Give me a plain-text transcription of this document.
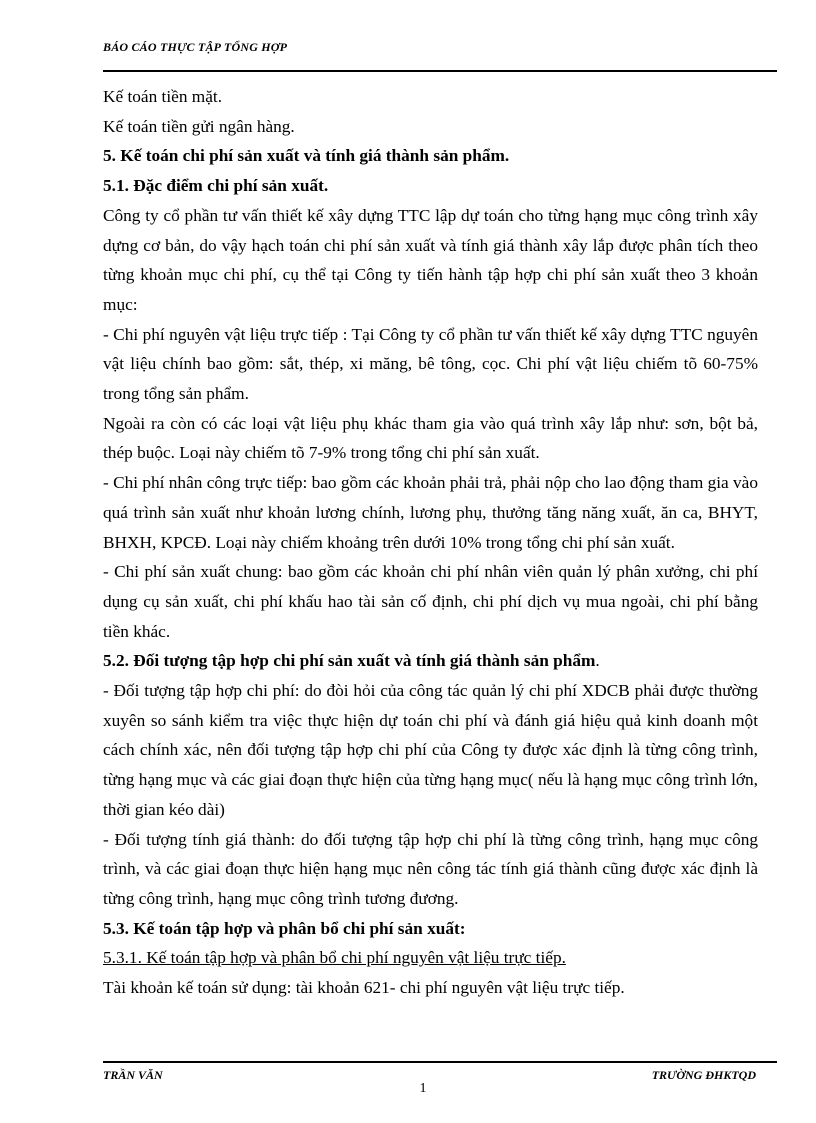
BÁO CÁO THỰC TẬP TỔNG HỢP

Kế toán tiền mặt.

Kế toán tiền gửi ngân hàng.

5. Kế toán chi phí sản xuất và tính giá thành sản phẩm.

5.1. Đặc điểm chi phí sản xuất.

Công ty cổ phần tư vấn thiết kế xây dựng TTC lập dự toán cho từng hạng mục công trình xây dựng cơ bản, do vậy hạch toán chi phí sản xuất và tính giá thành xây lắp được phân tích theo từng khoản mục chi phí, cụ thể tại Công ty tiến hành tập hợp chi phí sản xuất theo 3 khoản mục:

- Chi phí nguyên vật liệu trực tiếp : Tại Công ty cổ phần tư vấn thiết kế xây dựng TTC nguyên vật liệu chính bao gồm: sắt, thép, xi măng, bê tông, cọc. Chi phí vật liệu chiếm tõ 60-75% trong tổng sản phẩm.

Ngoài ra còn có các loại vật liệu phụ khác tham gia vào quá trình xây lắp như: sơn, bột bả, thép buộc. Loại này chiếm tõ 7-9% trong tổng chi phí sản xuất.

- Chi phí nhân công trực tiếp: bao gồm các khoản phải trả, phải nộp cho lao động tham gia vào quá trình sản xuất như khoản lương chính, lương phụ, thưởng tăng năng xuất, ăn ca, BHYT, BHXH, KPCĐ. Loại này chiếm khoảng trên dưới 10% trong tổng chi phí sản xuất.

- Chi phí sản xuất chung: bao gồm các khoản chi phí nhân viên quản lý phân xưởng, chi phí dụng cụ sản xuất, chi phí khấu hao tài sản cố định, chi phí dịch vụ mua ngoài, chi phí bằng tiền khác.

5.2. Đối tượng tập hợp chi phí sản xuất và tính giá thành sản phẩm.

- Đối tượng tập hợp chi phí: do đòi hỏi của công tác quản lý chi phí XDCB phải được thường xuyên so sánh kiểm tra việc thực hiện dự toán chi phí và đánh giá hiệu quả kinh doanh một cách chính xác, nên đối tượng tập hợp chi phí của Công ty được xác định là từng công trình, từng hạng mục và các giai đoạn thực hiện của từng hạng mục( nếu là hạng mục công trình lớn, thời gian kéo dài)

- Đối tượng tính giá thành: do đối tượng tập hợp chi phí là từng công trình, hạng mục công trình, và các giai đoạn thực hiện hạng mục nên công tác tính giá thành cũng được xác định là từng công trình, hạng mục công trình tương đương.

5.3. Kế toán tập hợp và phân bổ chi phí sản xuất:

5.3.1. Kế toán tập hợp và phân bổ chi phí nguyên vật liệu trực tiếp.

Tài khoản kế toán sử dụng: tài khoản 621- chi phí nguyên vật liệu trực tiếp.

TRẦN VĂN	TRƯỜNG ĐHKTQD
1
